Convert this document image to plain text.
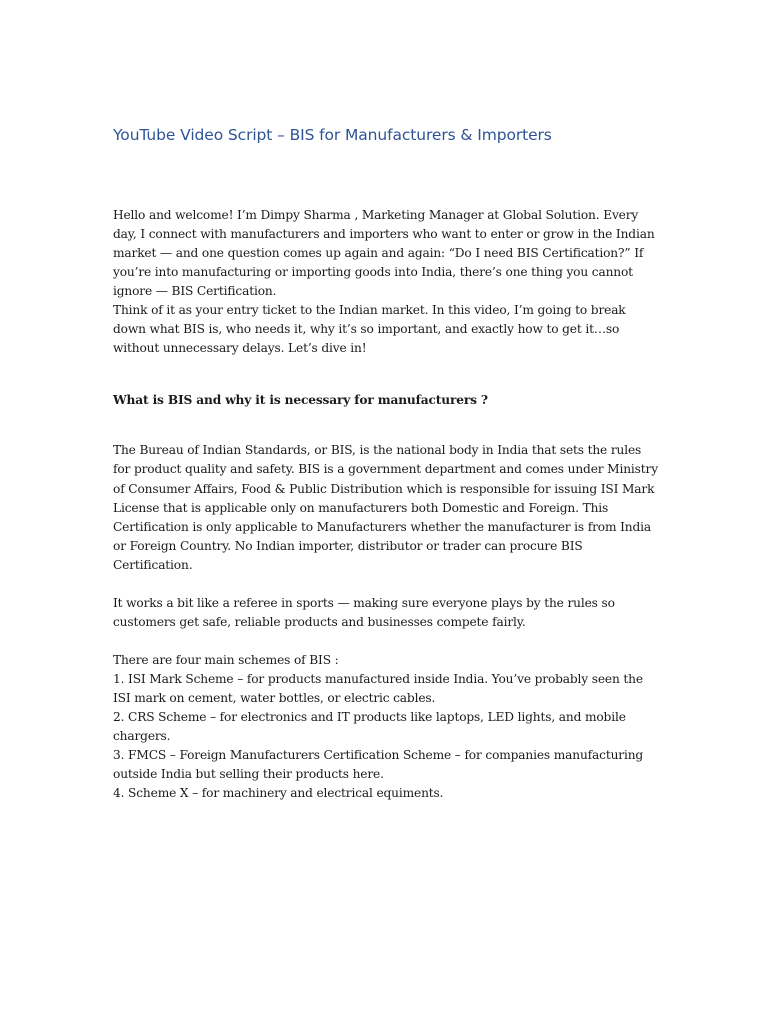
YouTube Video Script – BIS for Manufacturers & Importers

Hello and welcome! I’m Dimpy Sharma , Marketing Manager at Global Solution. Every day, I connect with manufacturers and importers who want to enter or grow in the Indian market — and one question comes up again and again: “Do I need BIS Certification?” If you’re into manufacturing or importing goods into India, there’s one thing you cannot ignore — BIS Certification.

Think of it as your entry ticket to the Indian market. In this video, I’m going to break down what BIS is, who needs it, why it’s so important, and exactly how to get it…so without unnecessary delays. Let’s dive in!

What is BIS and why it is necessary for manufacturers ?

The Bureau of Indian Standards, or BIS, is the national body in India that sets the rules for product quality and safety. BIS is a government department and comes under Ministry of Consumer Affairs, Food & Public Distribution which is responsible for issuing ISI Mark License that is applicable only on manufacturers both Domestic and Foreign. This Certification is only applicable to Manufacturers whether the manufacturer is from India or Foreign Country. No Indian importer, distributor or trader can procure BIS Certification.

It works a bit like a referee in sports — making sure everyone plays by the rules so customers get safe, reliable products and businesses compete fairly.

There are four main schemes of BIS :

1. ISI Mark Scheme – for products manufactured inside India. You’ve probably seen the ISI mark on cement, water bottles, or electric cables.
2. CRS Scheme – for electronics and IT products like laptops, LED lights, and mobile chargers.
3. FMCS – Foreign Manufacturers Certification Scheme – for companies manufacturing outside India but selling their products here.
4. Scheme X – for machinery and electrical equiments.
